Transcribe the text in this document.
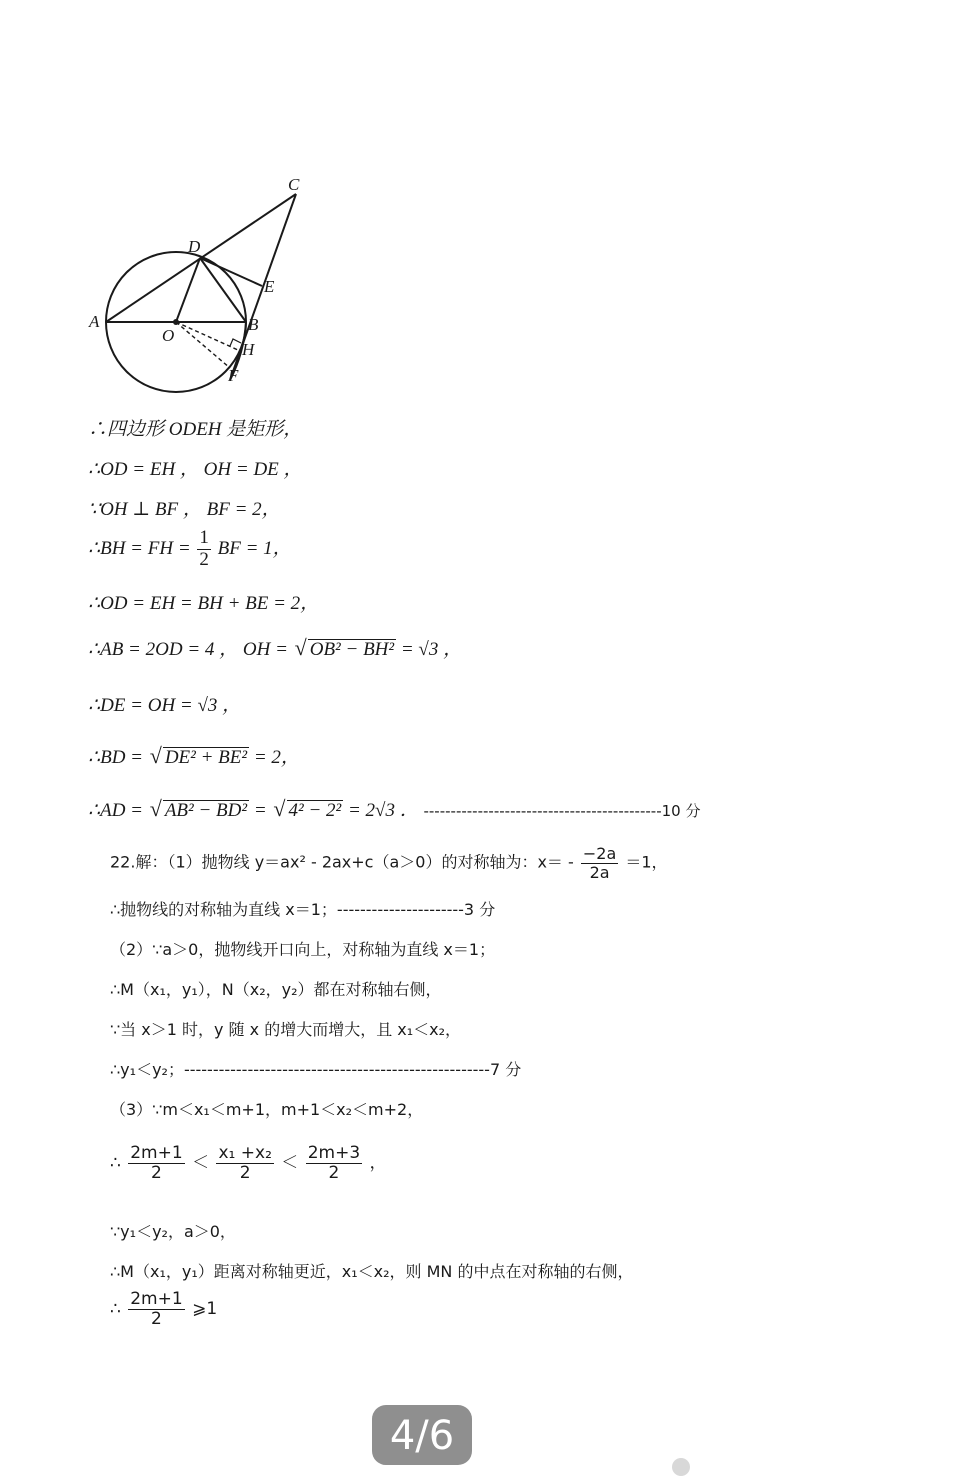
C
D
E
A	B
O
H
F
∴四边形 ODEH 是矩形，
∴OD = EH ， OH = DE ，
∵OH ⊥ BF ， BF = 2，
∴BH = FH = $\frac{1}{2}$ BF = 1，
∴OD = EH = BH + BE = 2，
∴AB = 2OD = 4 ， OH = √ OB² − BH² = √3 ，
∴DE = OH = √3 ，
∴BD = √ DE² + BE² = 2，
∴AD = √ AB² − BD² = √ 4² − 2² = 2√3 ． --------------------------------------------10 分
22.解：（1）抛物线 y＝ax² - 2ax+c（a＞0）的对称轴为：$x= - \frac{-2a}{2a} =1$，
∴抛物线的对称轴为直线 x＝1；----------------------3 分
（2）∵a＞0，抛物线开口向上，对称轴为直线 x＝1；
∴M（x₁，y₁），N（x₂，y₂）都在对称轴右侧，
∵当 x＞1 时，y 随 x 的增大而增大，且 x₁＜x₂，
∴y₁＜y₂；-----------------------------------------------------7 分
（3）∵m＜x₁＜m+1，m+1＜x₂＜m+2，
∴ $\frac{2m+1}{2} < \frac{\text{x₁ +x₂}}{2} < \frac{2m+3}{2}$ ，
∵y₁＜y₂，a＞0，
∴M（x₁，y₁）距离对称轴更近，x₁＜x₂，则 MN 的中点在对称轴的右侧，
∴ $\frac{2m+1}{2}$ ⩾1
4/6
